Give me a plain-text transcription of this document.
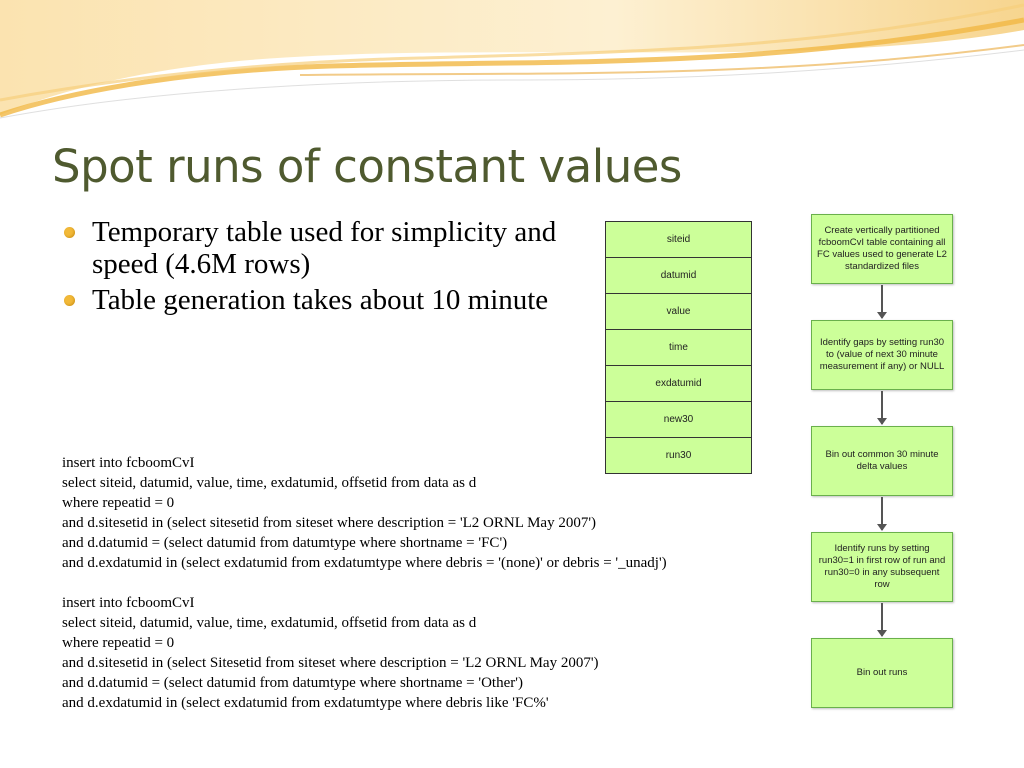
Spot runs of constant values
Temporary table used for simplicity and speed (4.6M rows)
Table generation takes about 10 minute
insert into fcboomCvI
select siteid, datumid, value, time, exdatumid, offsetid from data as d
where repeatid = 0
and d.sitesetid in (select sitesetid from siteset where description = 'L2 ORNL May 2007')
and d.datumid = (select datumid from datumtype where shortname = 'FC')
and d.exdatumid in (select exdatumid from exdatumtype where debris = '(none)' or debris = '_unadj')
insert into fcboomCvI
select siteid, datumid, value, time, exdatumid, offsetid from data as d
where repeatid = 0
and d.sitesetid in (select Sitesetid from siteset where description = 'L2 ORNL May 2007')
and d.datumid = (select datumid from datumtype where shortname = 'Other')
and d.exdatumid in (select exdatumid from exdatumtype where debris like 'FC%'
siteid
datumid
value
time
exdatumid
new30
run30
Create vertically partitioned fcboomCvI table containing all FC values used to generate L2 standardized files
Identify gaps by setting run30 to (value of next 30 minute measurement if any) or NULL
Bin out common 30 minute delta values
Identify runs by setting run30=1 in first row of run and run30=0 in any subsequent row
Bin out runs
